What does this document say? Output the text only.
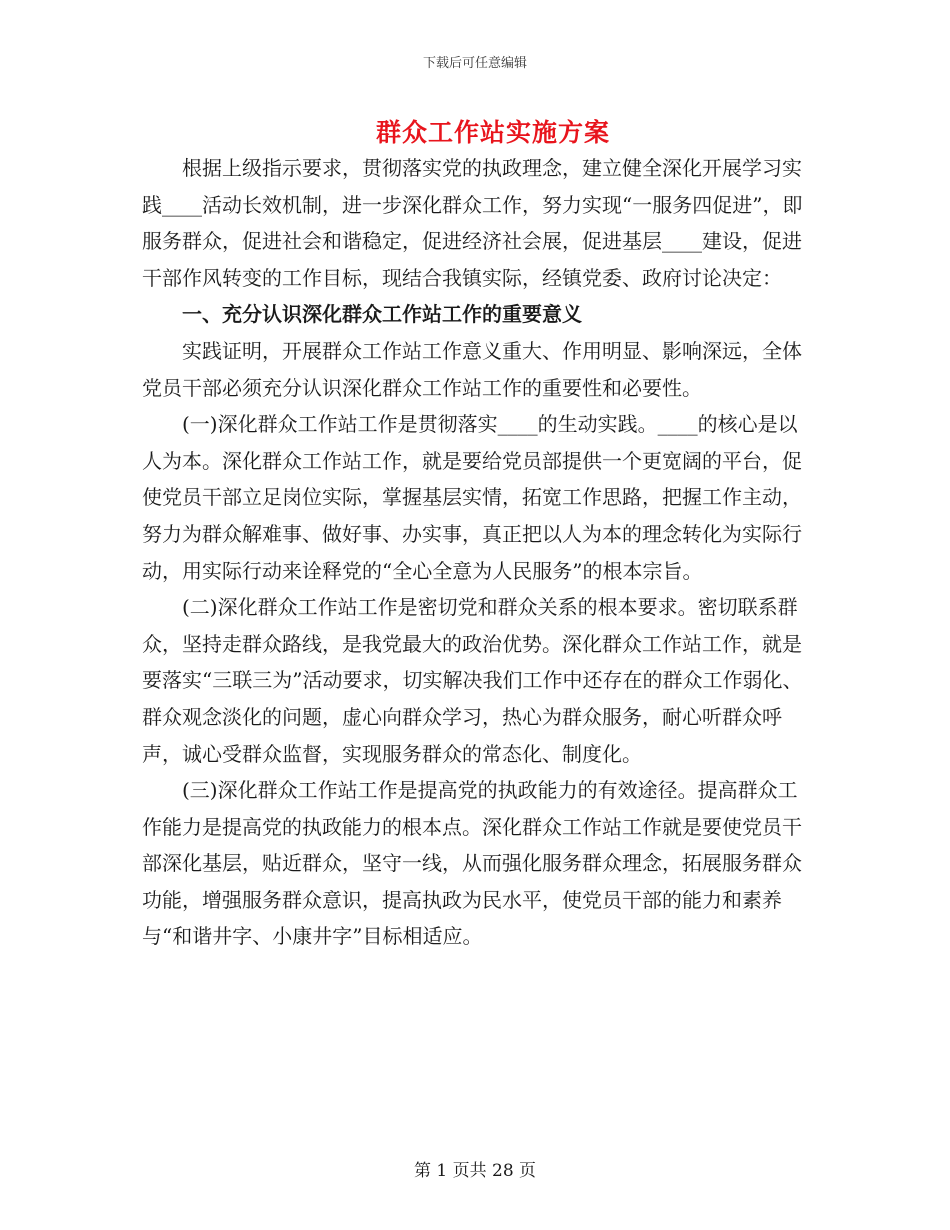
下载后可任意编辑
群众工作站实施方案

根据上级指示要求，贯彻落实党的执政理念，建立健全深化开展学习实践____活动长效机制，进一步深化群众工作，努力实现“一服务四促进”，即服务群众，促进社会和谐稳定，促进经济社会展，促进基层____建设，促进干部作风转变的工作目标，现结合我镇实际，经镇党委、政府讨论决定：

一、充分认识深化群众工作站工作的重要意义

实践证明，开展群众工作站工作意义重大、作用明显、影响深远，全体党员干部必须充分认识深化群众工作站工作的重要性和必要性。

(一)深化群众工作站工作是贯彻落实____的生动实践。____的核心是以人为本。深化群众工作站工作，就是要给党员部提供一个更宽阔的平台，促使党员干部立足岗位实际，掌握基层实情，拓宽工作思路，把握工作主动，努力为群众解难事、做好事、办实事，真正把以人为本的理念转化为实际行动，用实际行动来诠释党的“全心全意为人民服务”的根本宗旨。

(二)深化群众工作站工作是密切党和群众关系的根本要求。密切联系群众，坚持走群众路线，是我党最大的政治优势。深化群众工作站工作，就是要落实“三联三为”活动要求，切实解决我们工作中还存在的群众工作弱化、群众观念淡化的问题，虚心向群众学习，热心为群众服务，耐心听群众呼声，诚心受群众监督，实现服务群众的常态化、制度化。

(三)深化群众工作站工作是提高党的执政能力的有效途径。提高群众工作能力是提高党的执政能力的根本点。深化群众工作站工作就是要使党员干部深化基层，贴近群众，坚守一线，从而强化服务群众理念，拓展服务群众功能，增强服务群众意识，提高执政为民水平，使党员干部的能力和素养与“和谐井字、小康井字”目标相适应。

第 1 页共 28 页
